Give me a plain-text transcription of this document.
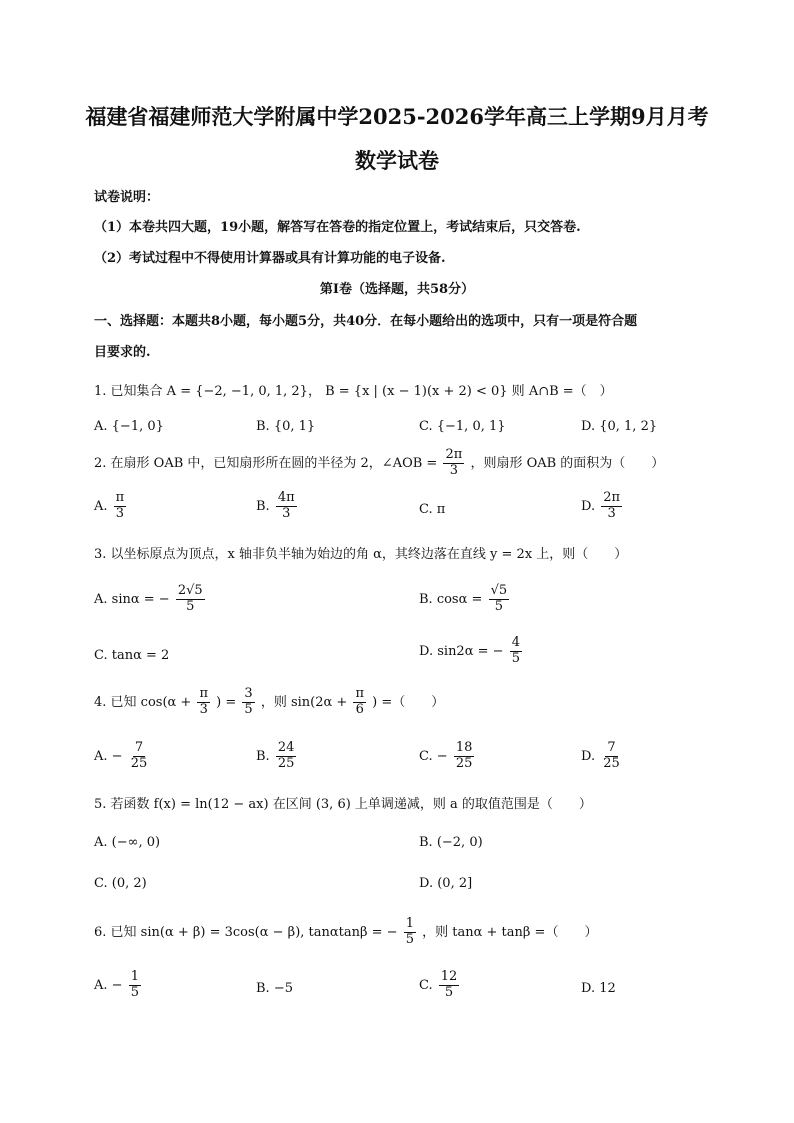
福建省福建师范大学附属中学2025-2026学年高三上学期9月月考
数学试卷
试卷说明：
（1）本卷共四大题，19小题，解答写在答卷的指定位置上，考试结束后，只交答卷.
（2）考试过程中不得使用计算器或具有计算功能的电子设备.
第Ⅰ卷（选择题，共58分）
一、选择题：本题共8小题，每小题5分，共40分．在每小题给出的选项中，只有一项是符合题
目要求的.
1. 已知集合 A = {−2, −1, 0, 1, 2}， B = {x | (x − 1)(x + 2) < 0} 则 A∩B =（　）
A. {−1, 0}	B. {0, 1}	C. {−1, 0, 1}	D. {0, 1, 2}
2. 在扇形 OAB 中，已知扇形所在圆的半径为 2，∠AOB = $\frac{2\pi}{3}$ ，则扇形 OAB 的面积为（　　）
A. $\frac{\pi}{3}$	B. $\frac{4\pi}{3}$	C. π	D. $\frac{2\pi}{3}$
3. 以坐标原点为顶点，x 轴非负半轴为始边的角 α，其终边落在直线 y = 2x 上，则（　　）
A. sinα = − $\frac{2√5}{5}$	B. $\cos\alpha = \frac{√5}{5}$
C. tanα = 2	D. sin2α = − $\frac{4}{5}$
4. 已知 $\cos(\alpha + \frac{\pi}{3}$ ) = $\frac{3}{5}$ ，则 $\sin(2\alpha + \frac{\pi}{6}$ ) =（　　）
A. − $\frac{7}{25}$	B. $\frac{24}{25}$	C. − $\frac{18}{25}$	D. $\frac{7}{25}$
5. 若函数 f(x) = ln(12 − ax) 在区间 (3, 6) 上单调递减，则 a 的取值范围是（　　）
A. (−∞, 0)	B. (−2, 0)
C. (0, 2)	D. (0, 2]
6. 已知 sin(α + β) = 3cos(α − β), tanαtanβ = − $\frac{1}{5}$ ，则 tanα + tanβ =（　　）
A. − $\frac{1}{5}$	B. −5	C. $\frac{12}{5}$	D. 12
